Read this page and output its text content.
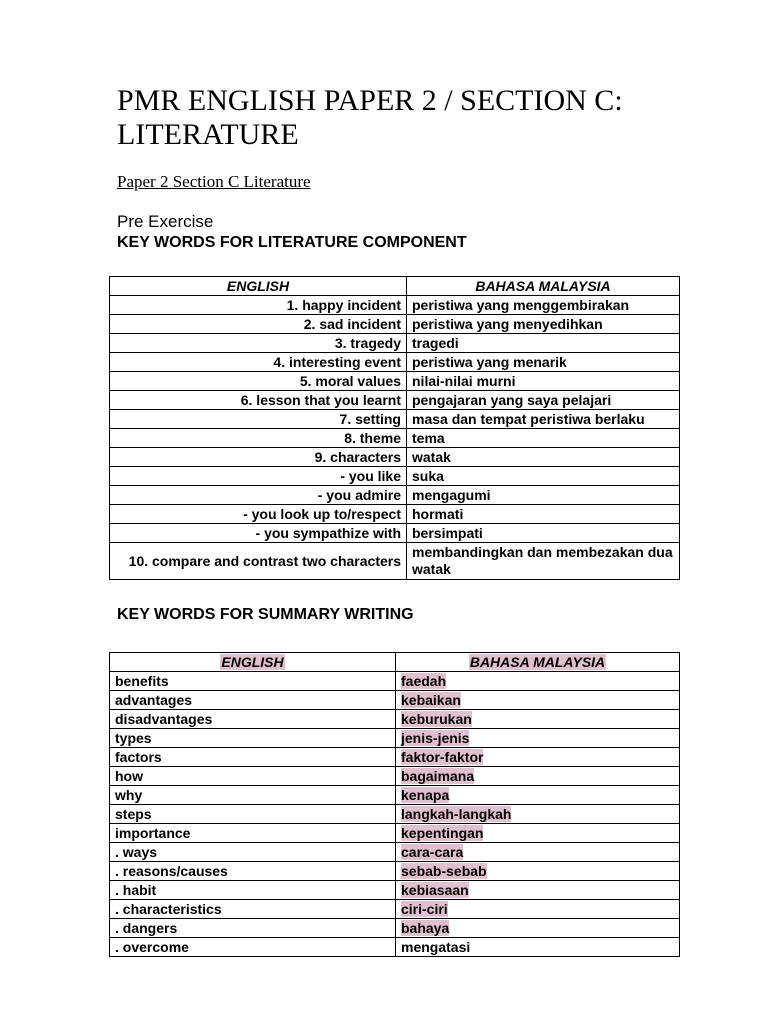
PMR ENGLISH PAPER 2 / SECTION C: LITERATURE
Paper 2 Section C Literature
Pre Exercise
KEY WORDS FOR LITERATURE COMPONENT
ENGLISH	BAHASA MALAYSIA
1. happy incident	peristiwa yang menggembirakan
2. sad incident	peristiwa yang menyedihkan
3. tragedy	tragedi
4. interesting event	peristiwa yang menarik
5. moral values	nilai-nilai murni
6. lesson that you learnt	pengajaran yang saya pelajari
7. setting	masa dan tempat peristiwa berlaku
8. theme	tema
9. characters	watak
- you like	suka
- you admire	mengagumi
- you look up to/respect	hormati
- you sympathize with	bersimpati
10. compare and contrast two characters	membandingkan dan membezakan dua watak
KEY WORDS FOR SUMMARY WRITING
ENGLISH	BAHASA MALAYSIA
benefits	faedah
advantages	kebaikan
disadvantages	keburukan
types	jenis-jenis
factors	faktor-faktor
how	bagaimana
why	kenapa
steps	langkah-langkah
importance	kepentingan
. ways	cara-cara
. reasons/causes	sebab-sebab
. habit	kebiasaan
. characteristics	ciri-ciri
. dangers	bahaya
. overcome	mengatasi
